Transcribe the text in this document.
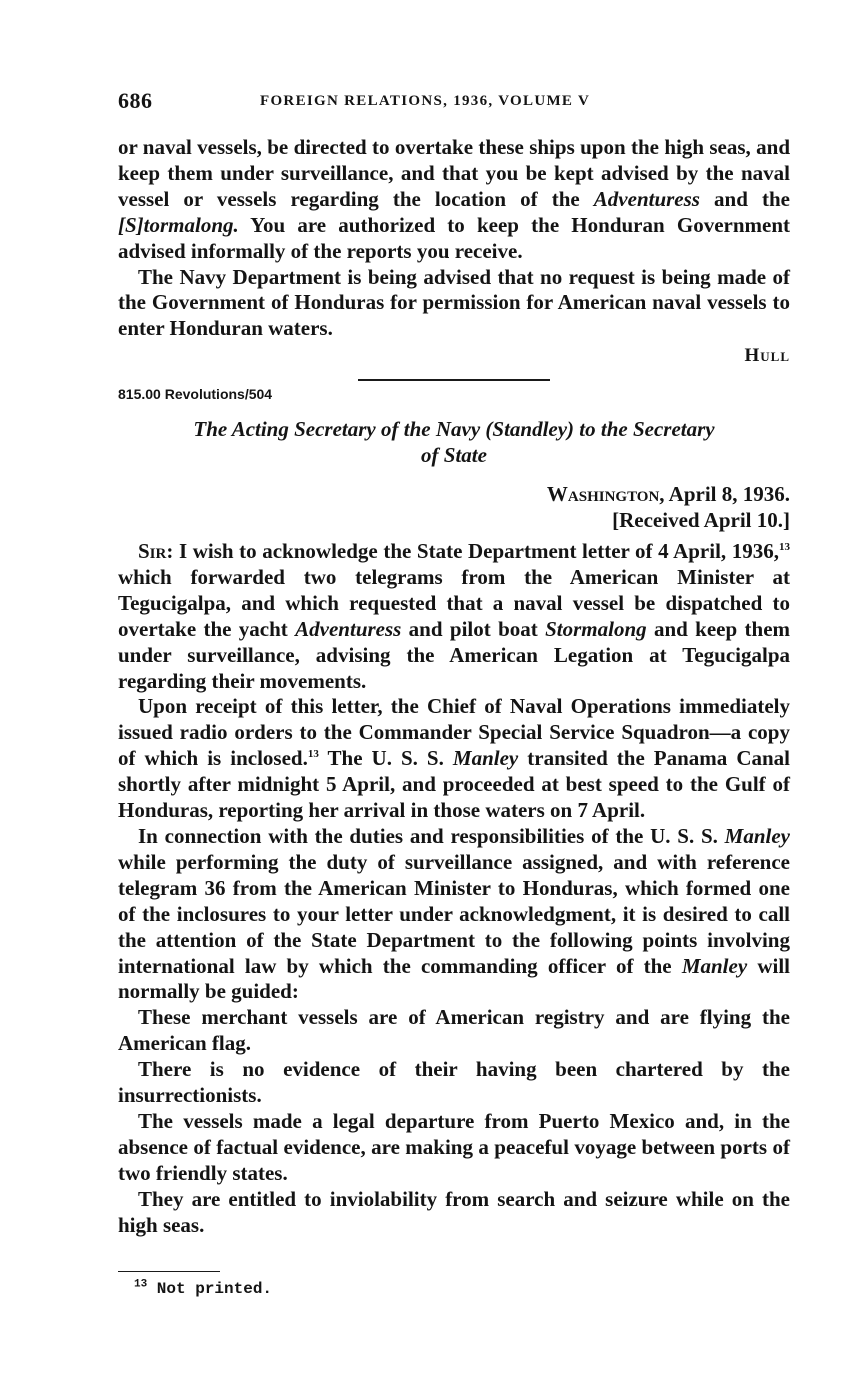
686	FOREIGN RELATIONS, 1936, VOLUME V

or naval vessels, be directed to overtake these ships upon the high seas, and keep them under surveillance, and that you be kept advised by the naval vessel or vessels regarding the location of the Adventuress and the [S]tormalong. You are authorized to keep the Honduran Government advised informally of the reports you receive.

The Navy Department is being advised that no request is being made of the Government of Honduras for permission for American naval vessels to enter Honduran waters.

Hull
815.00 Revolutions/504
The Acting Secretary of the Navy (Standley) to the Secretary
of State
Washington, April 8, 1936.
[Received April 10.]

Sir: I wish to acknowledge the State Department letter of 4 April, 1936,13 which forwarded two telegrams from the American Minister at Tegucigalpa, and which requested that a naval vessel be dispatched to overtake the yacht Adventuress and pilot boat Stormalong and keep them under surveillance, advising the American Legation at Tegucigalpa regarding their movements.

Upon receipt of this letter, the Chief of Naval Operations immediately issued radio orders to the Commander Special Service Squadron—a copy of which is inclosed.$^{13}$ The U. S. S. Manley transited the Panama Canal shortly after midnight 5 April, and proceeded at best speed to the Gulf of Honduras, reporting her arrival in those waters on 7 April.

In connection with the duties and responsibilities of the U. S. S. Manley while performing the duty of surveillance assigned, and with reference telegram 36 from the American Minister to Honduras, which formed one of the inclosures to your letter under acknowledgment, it is desired to call the attention of the State Department to the following points involving international law by which the commanding officer of the Manley will normally be guided:

These merchant vessels are of American registry and are flying the American flag.

There is no evidence of their having been chartered by the insurrectionists.

The vessels made a legal departure from Puerto Mexico and, in the absence of factual evidence, are making a peaceful voyage between ports of two friendly states.

They are entitled to inviolability from search and seizure while on the high seas.

$^{13}$ Not printed.
